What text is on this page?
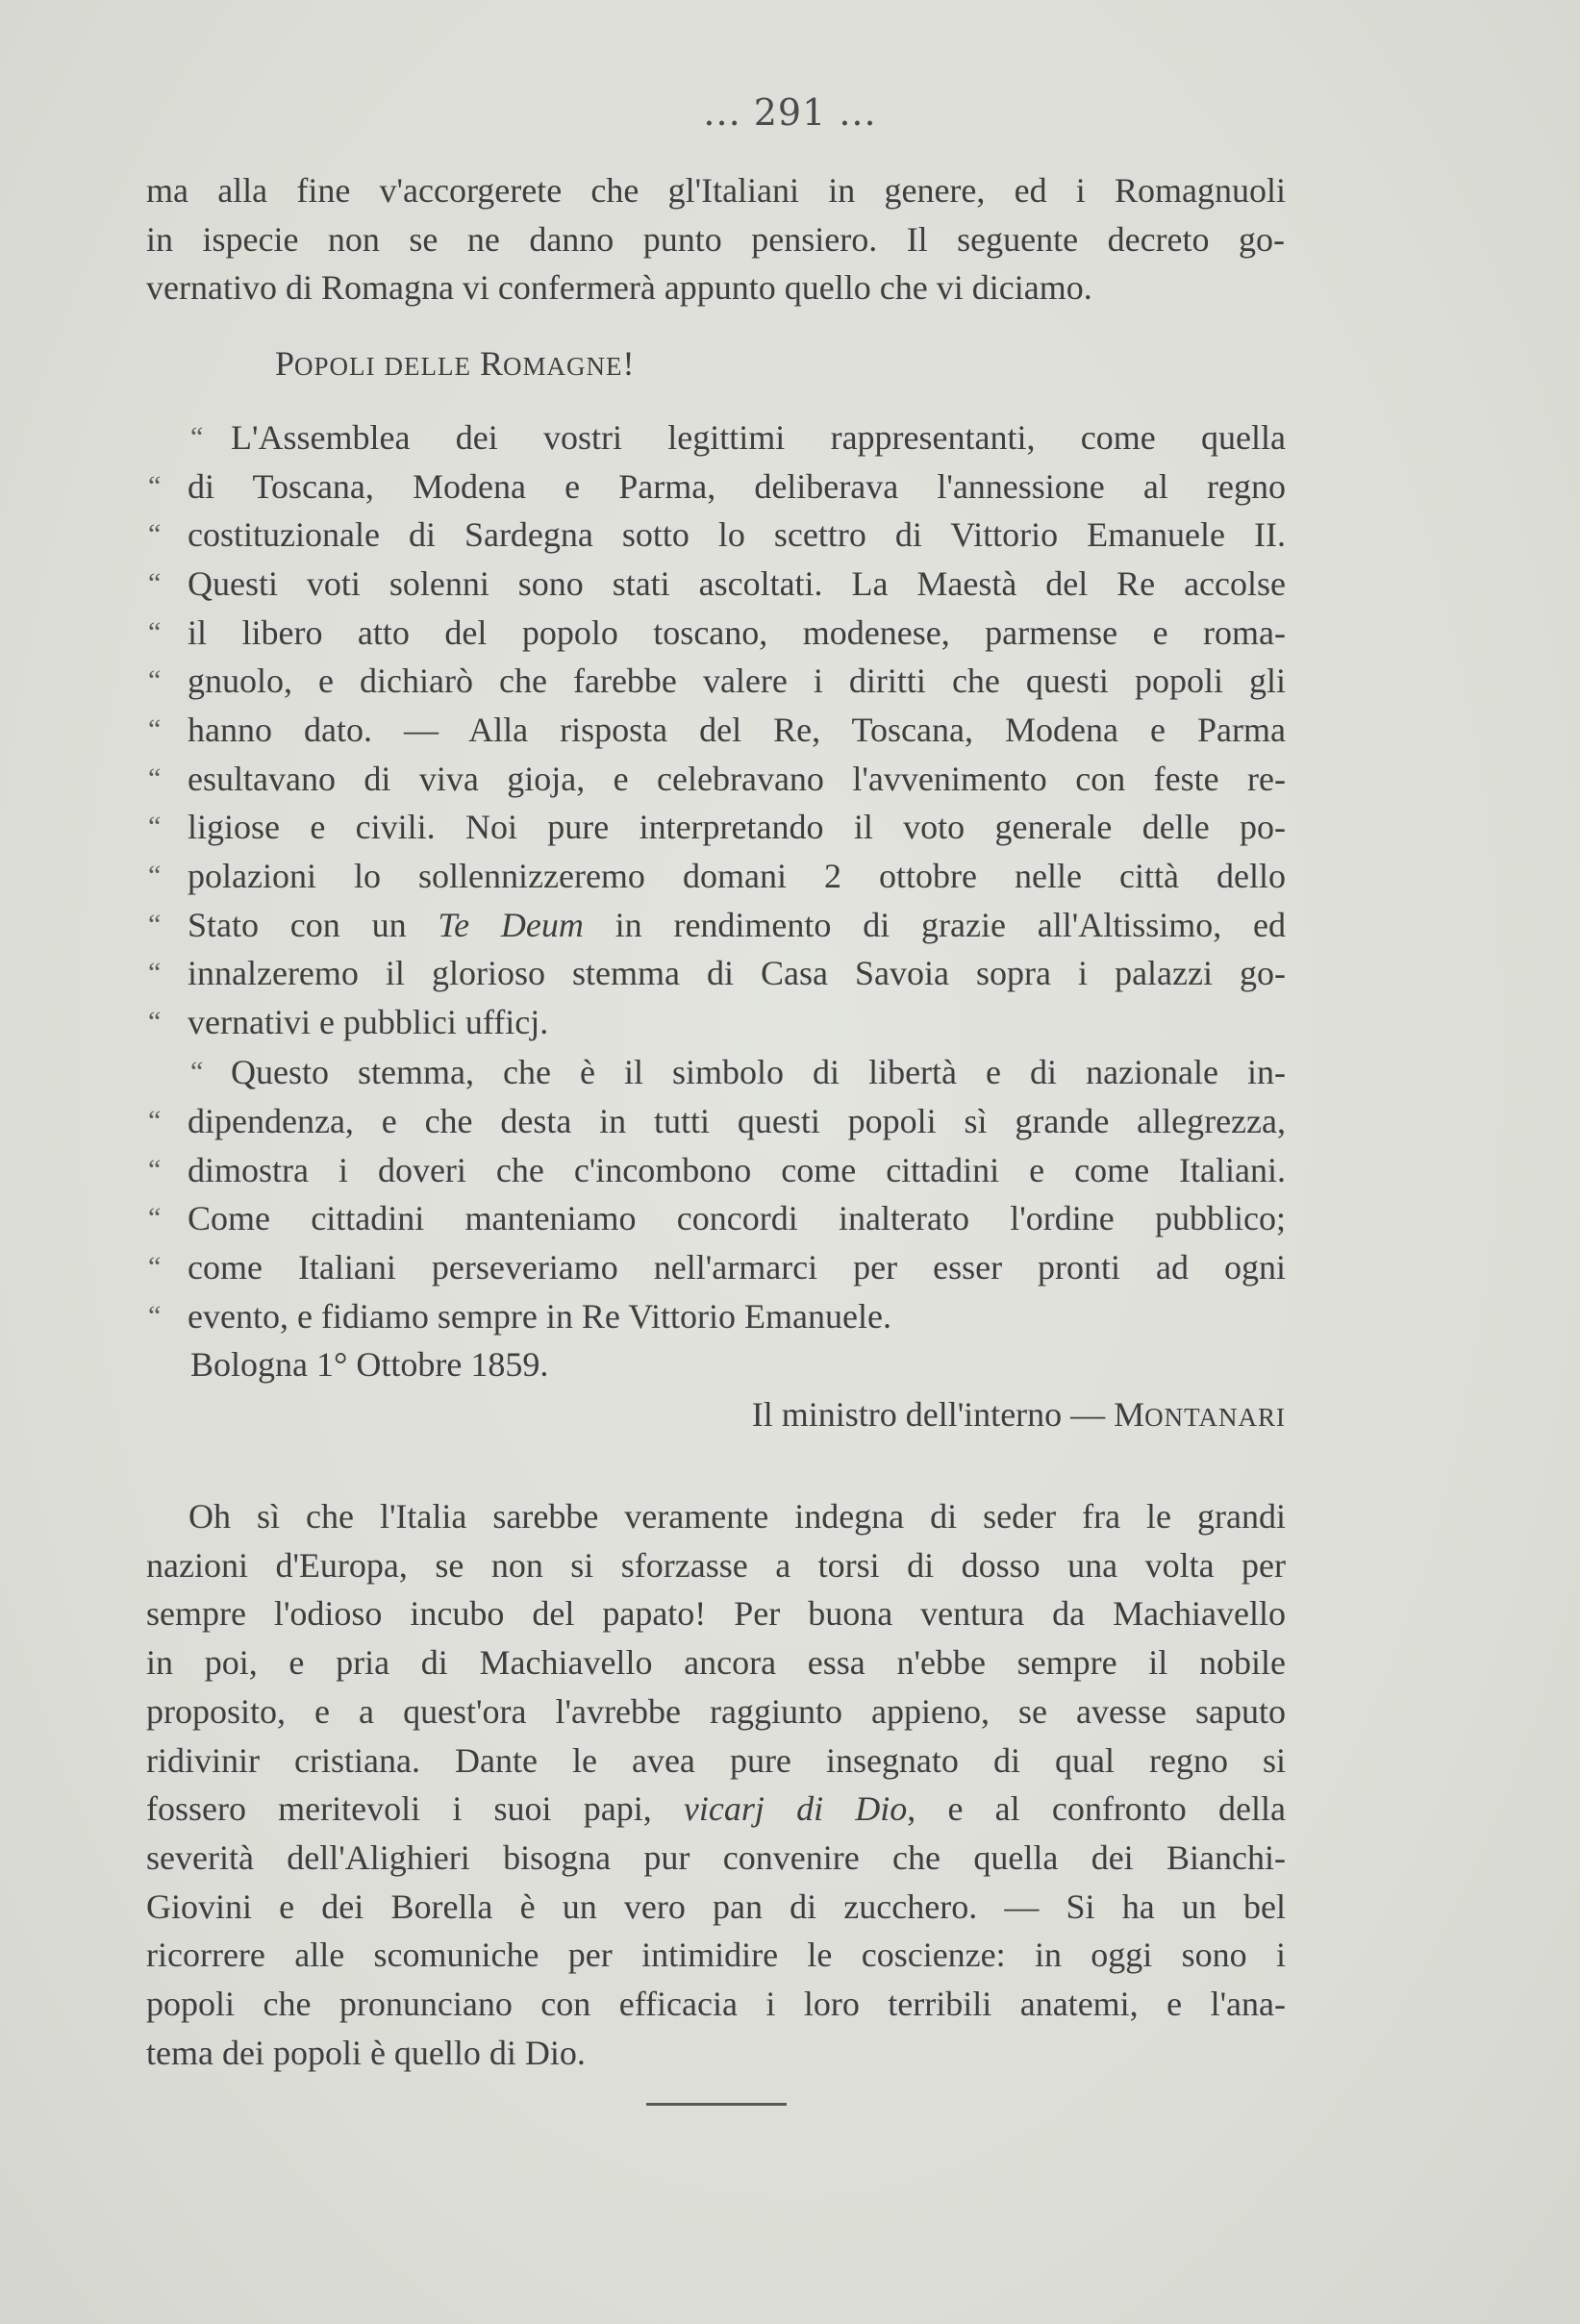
... 291 ...
ma alla fine v'accorgerete che gl'Italiani in genere, ed i Romagnuoli
in ispecie non se ne danno punto pensiero. Il seguente decreto go-
vernativo di Romagna vi confermerà appunto quello che vi diciamo.
POPOLI DELLE ROMAGNE!
“ L'Assemblea dei vostri legittimi rappresentanti, come quella
“ di Toscana, Modena e Parma, deliberava l'annessione al regno
“ costituzionale di Sardegna sotto lo scettro di Vittorio Emanuele II.
“ Questi voti solenni sono stati ascoltati. La Maestà del Re accolse
“ il libero atto del popolo toscano, modenese, parmense e roma-
“ gnuolo, e dichiarò che farebbe valere i diritti che questi popoli gli
“ hanno dato. — Alla risposta del Re, Toscana, Modena e Parma
“ esultavano di viva gioja, e celebravano l'avvenimento con feste re-
“ ligiose e civili. Noi pure interpretando il voto generale delle po-
“ polazioni lo sollennizzeremo domani 2 ottobre nelle città dello
“ Stato con un Te Deum in rendimento di grazie all'Altissimo, ed
“ innalzeremo il glorioso stemma di Casa Savoia sopra i palazzi go-
“ vernativi e pubblici ufficj.
“ Questo stemma, che è il simbolo di libertà e di nazionale in-
“ dipendenza, e che desta in tutti questi popoli sì grande allegrezza,
“ dimostra i doveri che c'incombono come cittadini e come Italiani.
“ Come cittadini manteniamo concordi inalterato l'ordine pubblico;
“ come Italiani perseveriamo nell'armarci per esser pronti ad ogni
“ evento, e fidiamo sempre in Re Vittorio Emanuele.
Bologna 1° Ottobre 1859.
Il ministro dell'interno — MONTANARI
Oh sì che l'Italia sarebbe veramente indegna di seder fra le grandi
nazioni d'Europa, se non si sforzasse a torsi di dosso una volta per
sempre l'odioso incubo del papato! Per buona ventura da Machiavello
in poi, e pria di Machiavello ancora essa n'ebbe sempre il nobile
proposito, e a quest'ora l'avrebbe raggiunto appieno, se avesse saputo
ridivinir cristiana. Dante le avea pure insegnato di qual regno si
fossero meritevoli i suoi papi, vicarj di Dio, e al confronto della
severità dell'Alighieri bisogna pur convenire che quella dei Bianchi-
Giovini e dei Borella è un vero pan di zucchero. — Si ha un bel
ricorrere alle scomuniche per intimidire le coscienze: in oggi sono i
popoli che pronunciano con efficacia i loro terribili anatemi, e l'ana-
tema dei popoli è quello di Dio.
